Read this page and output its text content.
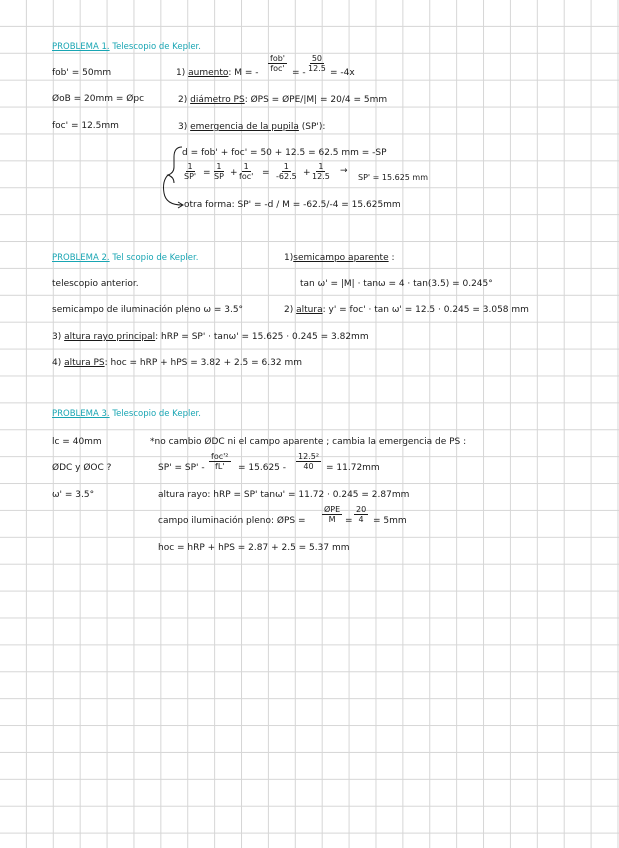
PROBLEMA 1. Telescopio de Kepler.
fob' = 50mm
ØoB = 20mm = Øpc
foc' = 12.5mm
1) aumento: M = -
fob'
foc' = - $\frac{50}{12.5} = -4x$
2) diámetro PS: ØPS = ØPE/|M| = 20/4 = 5mm
3) emergencia de la pupila (SP'):
d = fob' + foc' = 50 + 12.5 = 62.5 mm = -SP
$\frac{1}{SP'} = \frac{1}{SP}$ +
1
$foc' = \frac{1}{-62.5} + \frac{1}{12.5}$ →
SP' = 15.625 mm
otra forma: SP' = -d / M = -62.5/-4 = 15.625mm
PROBLEMA 2. Tel scopio de Kepler.
telescopio anterior.
semicampo de iluminación pleno ω = 3.5°
1)semicampo aparente :
tan ω' = |M| · tanω = 4 · tan(3.5) = 0.245°
2) altura: y' = foc' · tan ω' = 12.5 · 0.245 = 3.058 mm
3) altura rayo principal: hRP = SP' · tanω' = 15.625 · 0.245 = 3.82mm
4) altura PS: hoc = hRP + hPS = 3.82 + 2.5 = 6.32 mm
PROBLEMA 3. Telescopio de Kepler.
lc = 40mm
ØDC y ØOC ?
ω' = 3.5°
*no cambio ØDC ni el campo aparente ; cambia la emergencia de PS :
SP' = SP' -
foc'²
$fL' = 15.625 - \frac{\text{12.5²}}{40} = 11.72mm$
altura rayo: hRP = SP' tanω' = 11.72 · 0.245 = 2.87mm
campo iluminación pleno: ØPS =
ØPE
$M = \frac{20}{4} = 5mm$
hoc = hRP + hPS = 2.87 + 2.5 = 5.37 mm
